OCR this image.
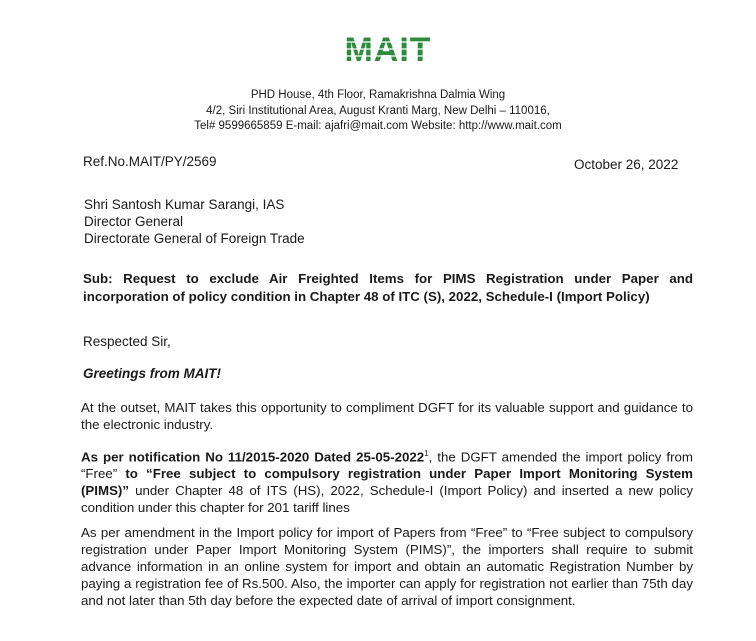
MAIT
PHD House, 4th Floor, Ramakrishna Dalmia Wing
4/2, Siri Institutional Area, August Kranti Marg, New Delhi – 110016,
Tel# 9599665859 E-mail: ajafri@mait.com Website: http://www.mait.com
Ref.No.MAIT/PY/2569	October 26, 2022
Shri Santosh Kumar Sarangi, IAS
Director General
Directorate General of Foreign Trade
Sub: Request to exclude Air Freighted Items for PIMS Registration under Paper and incorporation of policy condition in Chapter 48 of ITC (S), 2022, Schedule-I (Import Policy)
Respected Sir,
Greetings from MAIT!
At the outset, MAIT takes this opportunity to compliment DGFT for its valuable support and guidance to the electronic industry.
As per notification No 11/2015-2020 Dated 25-05-2022$^1$, the DGFT amended the import policy from “Free” to “Free subject to compulsory registration under Paper Import Monitoring System (PIMS)” under Chapter 48 of ITS (HS), 2022, Schedule-I (Import Policy) and inserted a new policy condition under this chapter for 201 tariff lines
As per amendment in the Import policy for import of Papers from “Free” to “Free subject to compulsory registration under Paper Import Monitoring System (PIMS)”, the importers shall require to submit advance information in an online system for import and obtain an automatic Registration Number by paying a registration fee of Rs.500. Also, the importer can apply for registration not earlier than 75th day and not later than 5th day before the expected date of arrival of import consignment.
